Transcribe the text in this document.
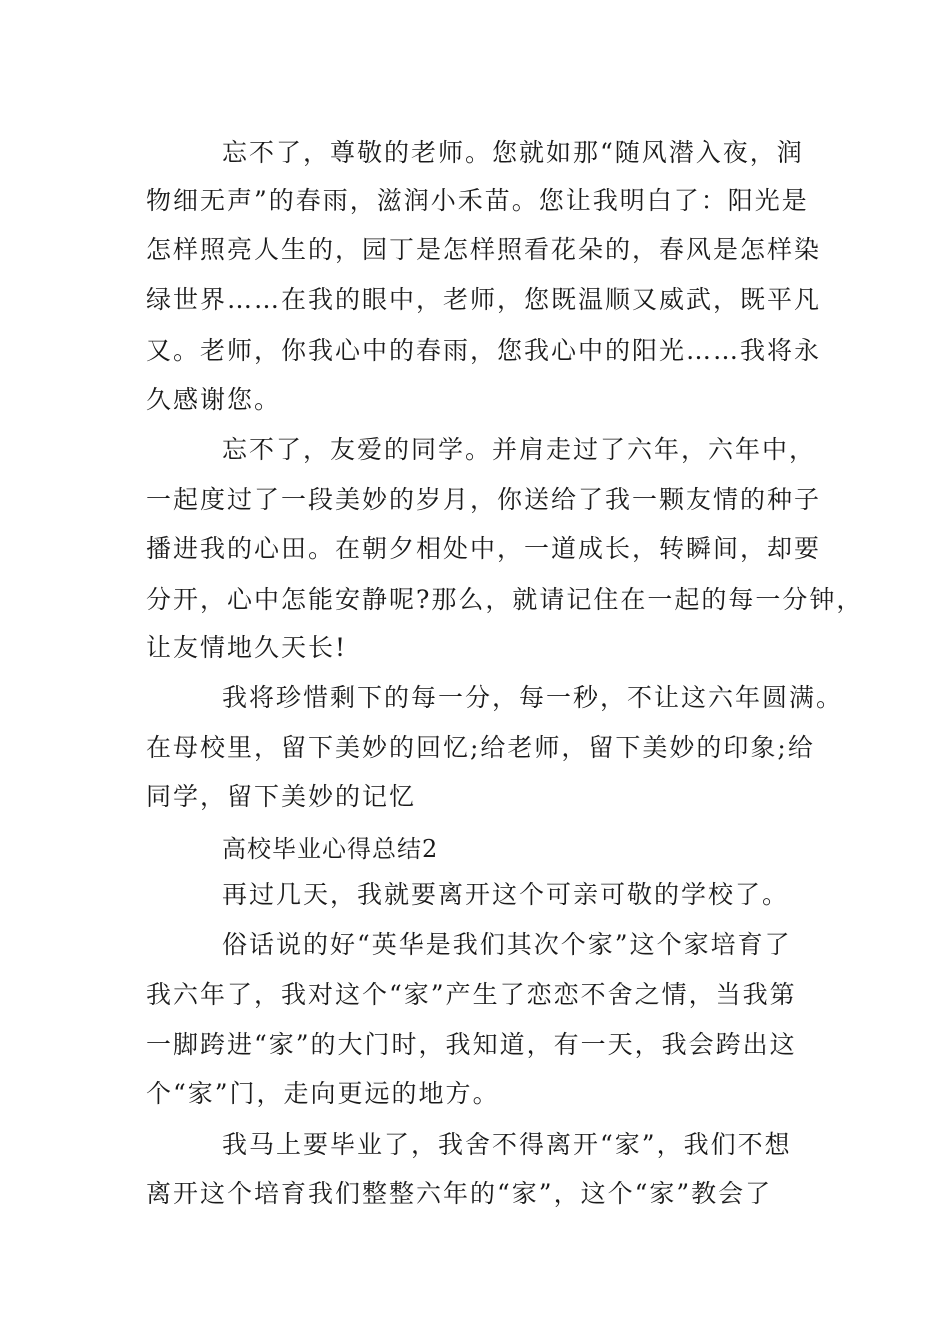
忘不了，尊敬的老师。您就如那“随风潜入夜，润
物细无声”的春雨，滋润小禾苗。您让我明白了：阳光是
怎样照亮人生的，园丁是怎样照看花朵的，春风是怎样染
绿世界……在我的眼中，老师，您既温顺又威武，既平凡
又。老师，你我心中的春雨，您我心中的阳光……我将永
久感谢您。
忘不了，友爱的同学。并肩走过了六年，六年中，
一起度过了一段美妙的岁月，你送给了我一颗友情的种子
播进我的心田。在朝夕相处中，一道成长，转瞬间，却要
分开，心中怎能安静呢?那么，就请记住在一起的每一分钟，
让友情地久天长!
我将珍惜剩下的每一分，每一秒，不让这六年圆满。
在母校里，留下美妙的回忆;给老师，留下美妙的印象;给
同学，留下美妙的记忆
高校毕业心得总结2
再过几天，我就要离开这个可亲可敬的学校了。
俗话说的好“英华是我们其次个家”这个家培育了
我六年了，我对这个“家”产生了恋恋不舍之情，当我第
一脚跨进“家”的大门时，我知道，有一天，我会跨出这
个“家”门，走向更远的地方。
我马上要毕业了，我舍不得离开“家”，我们不想
离开这个培育我们整整六年的“家”，这个“家”教会了
